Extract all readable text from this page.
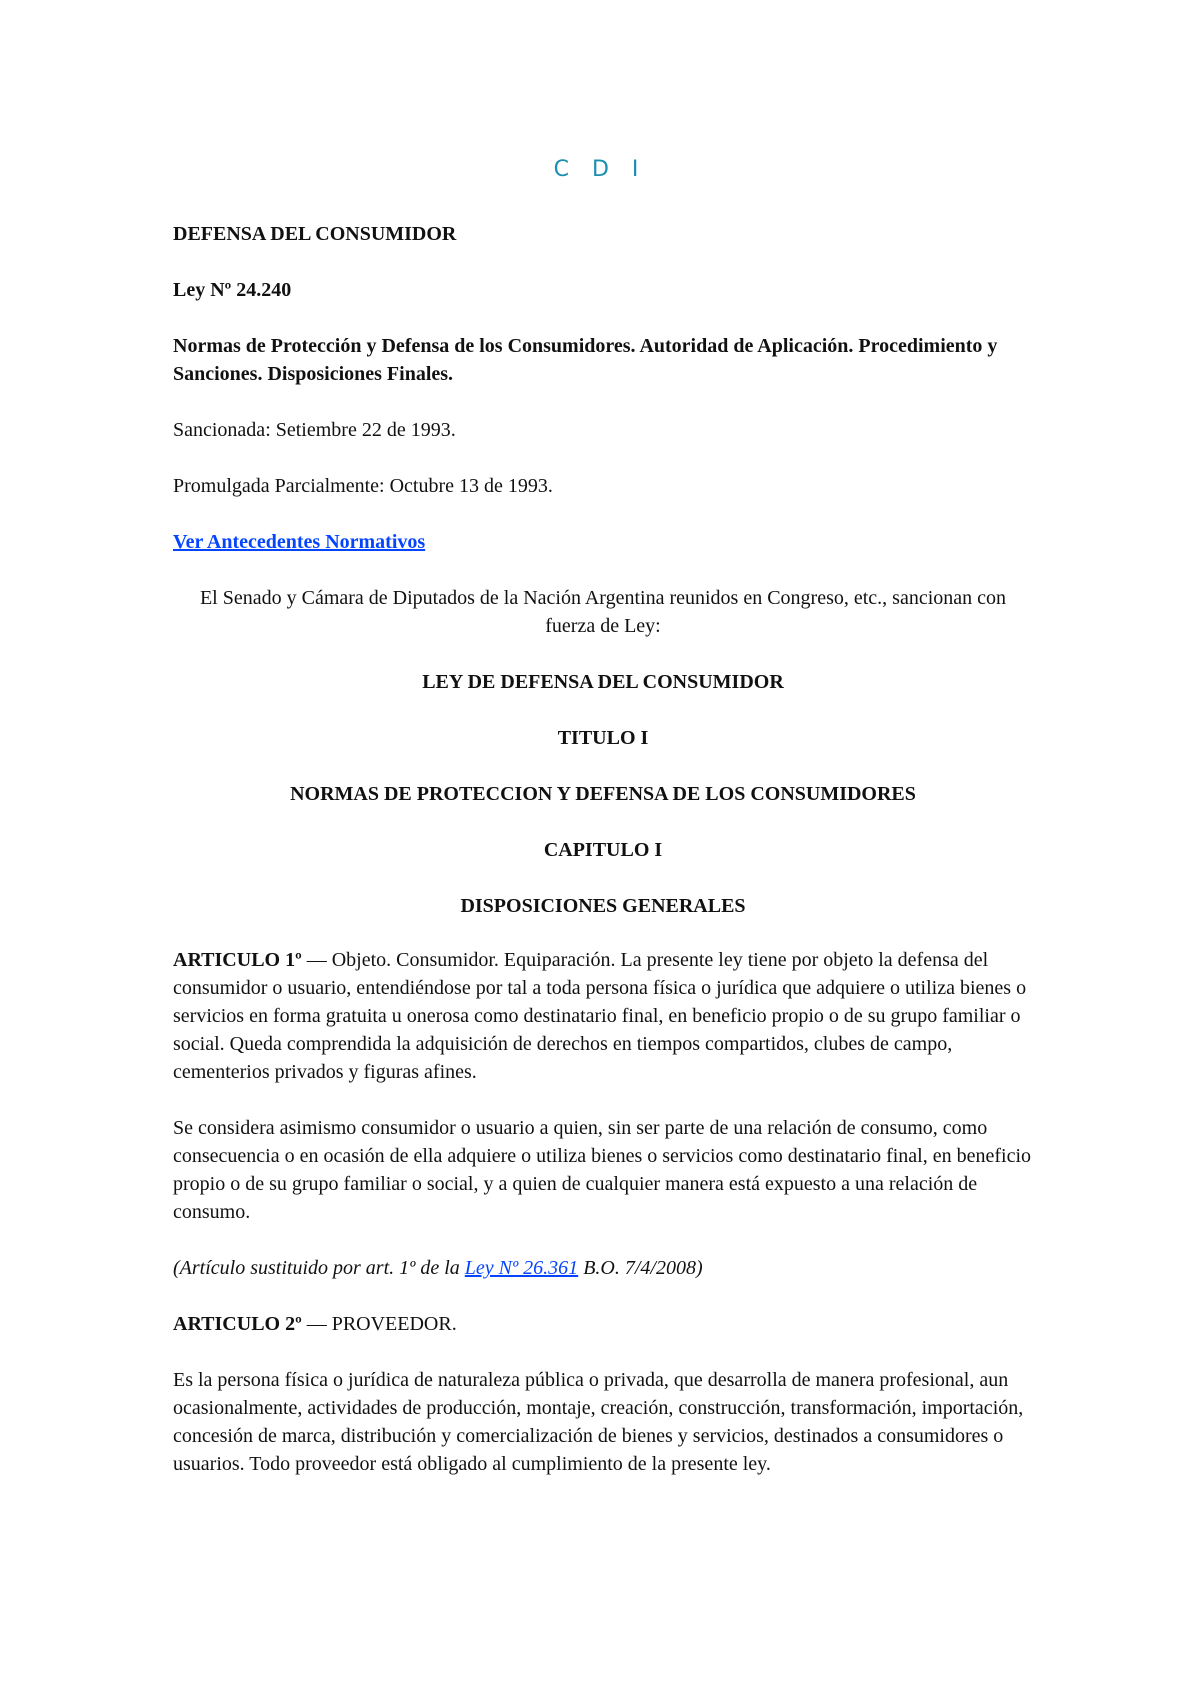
C D I

DEFENSA DEL CONSUMIDOR

Ley Nº 24.240

Normas de Protección y Defensa de los Consumidores. Autoridad de Aplicación. Procedimiento y Sanciones. Disposiciones Finales.

Sancionada: Setiembre 22 de 1993.

Promulgada Parcialmente: Octubre 13 de 1993.

Ver Antecedentes Normativos

El Senado y Cámara de Diputados de la Nación Argentina reunidos en Congreso, etc., sancionan con fuerza de Ley:

LEY DE DEFENSA DEL CONSUMIDOR

TITULO I

NORMAS DE PROTECCION Y DEFENSA DE LOS CONSUMIDORES

CAPITULO I

DISPOSICIONES GENERALES

ARTICULO 1º — Objeto. Consumidor. Equiparación. La presente ley tiene por objeto la defensa del consumidor o usuario, entendiéndose por tal a toda persona física o jurídica que adquiere o utiliza bienes o servicios en forma gratuita u onerosa como destinatario final, en beneficio propio o de su grupo familiar o social. Queda comprendida la adquisición de derechos en tiempos compartidos, clubes de campo, cementerios privados y figuras afines.

Se considera asimismo consumidor o usuario a quien, sin ser parte de una relación de consumo, como consecuencia o en ocasión de ella adquiere o utiliza bienes o servicios como destinatario final, en beneficio propio o de su grupo familiar o social, y a quien de cualquier manera está expuesto a una relación de consumo.

(Artículo sustituido por art. 1º de la Ley Nº 26.361 B.O. 7/4/2008)

ARTICULO 2º — PROVEEDOR.

Es la persona física o jurídica de naturaleza pública o privada, que desarrolla de manera profesional, aun ocasionalmente, actividades de producción, montaje, creación, construcción, transformación, importación, concesión de marca, distribución y comercialización de bienes y servicios, destinados a consumidores o usuarios. Todo proveedor está obligado al cumplimiento de la presente ley.
